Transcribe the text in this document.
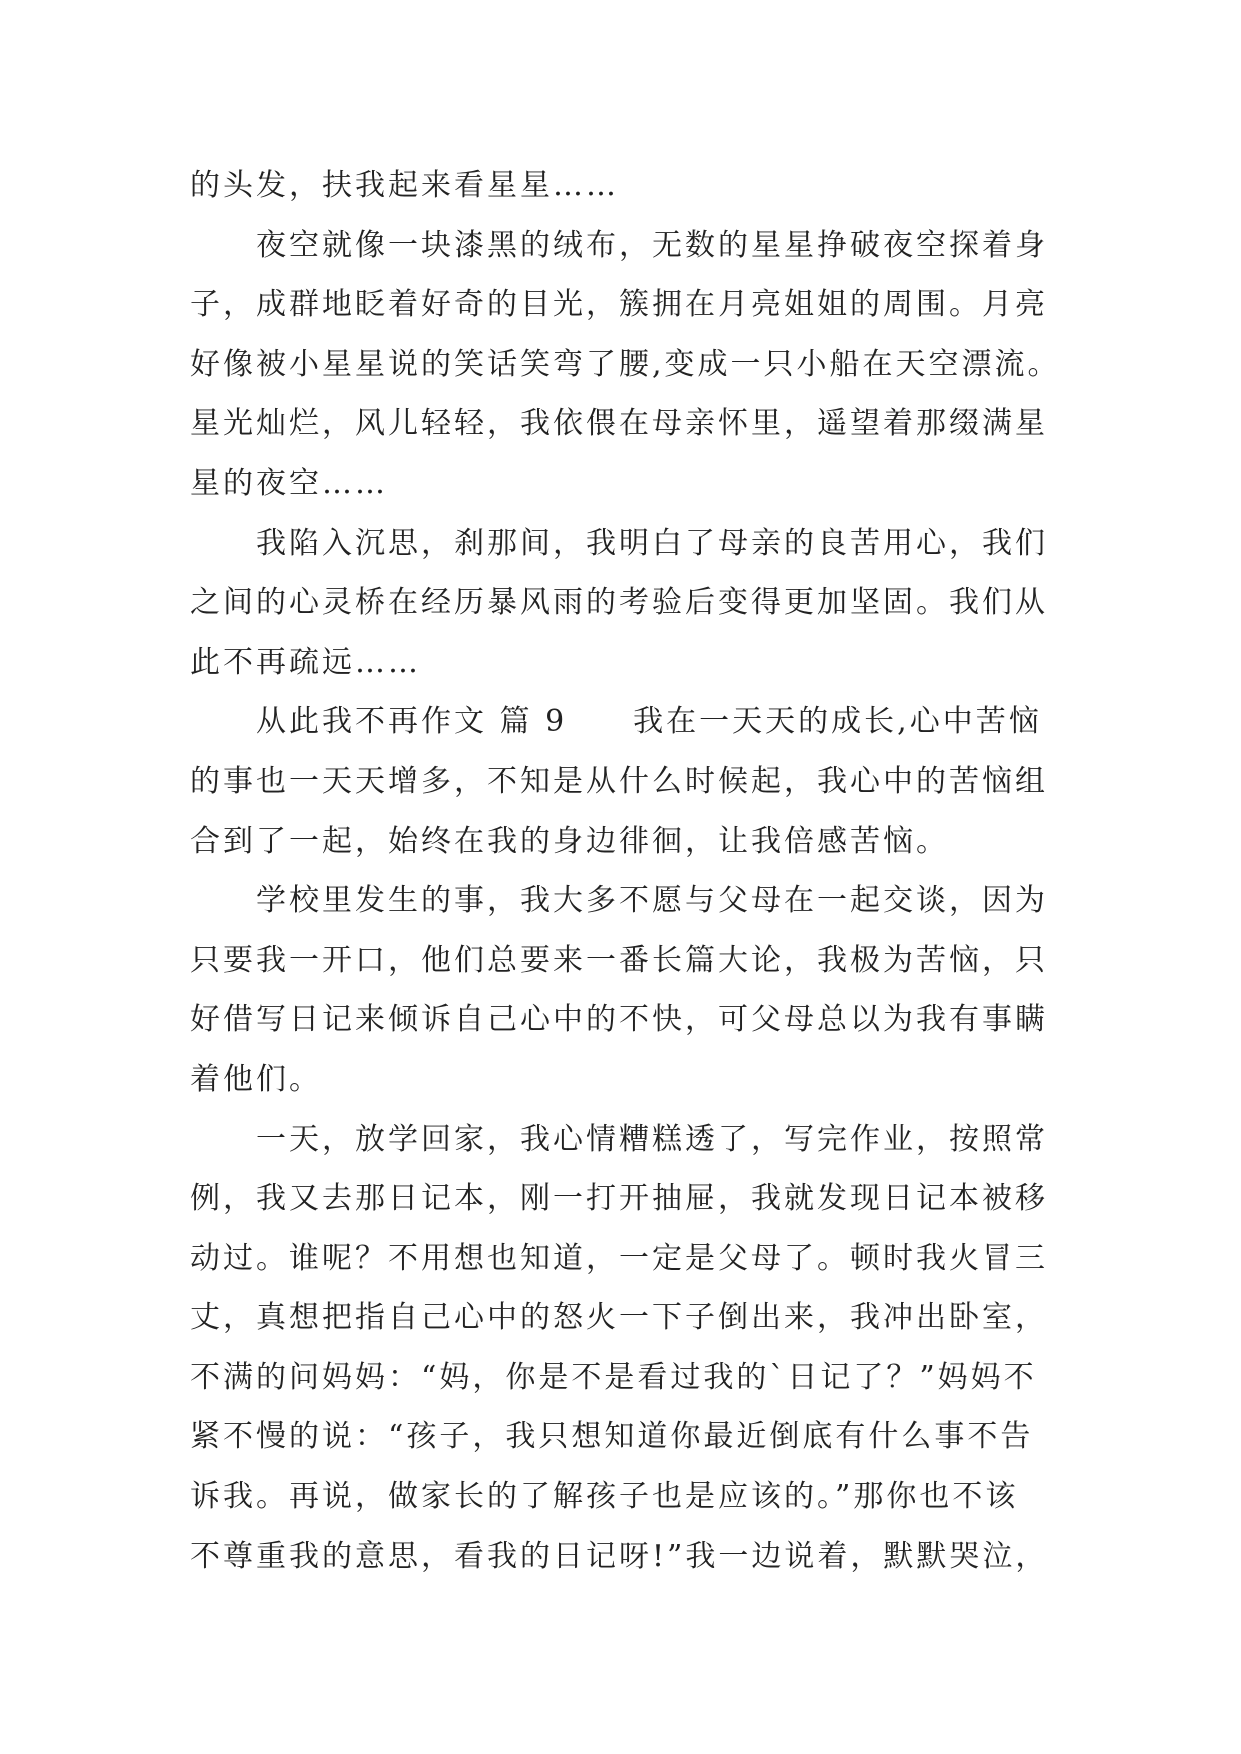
的头发，扶我起来看星星……
　　夜空就像一块漆黑的绒布，无数的星星挣破夜空探着身
子，成群地眨着好奇的目光，簇拥在月亮姐姐的周围。月亮
好像被小星星说的笑话笑弯了腰,变成一只小船在天空漂流。
星光灿烂，风儿轻轻，我依偎在母亲怀里，遥望着那缀满星
星的夜空……
　　我陷入沉思，刹那间，我明白了母亲的良苦用心，我们
之间的心灵桥在经历暴风雨的考验后变得更加坚固。我们从
此不再疏远……
　　从此我不再作文 篇 9　　我在一天天的成长,心中苦恼
的事也一天天增多，不知是从什么时候起，我心中的苦恼组
合到了一起，始终在我的身边徘徊，让我倍感苦恼。
　　学校里发生的事，我大多不愿与父母在一起交谈，因为
只要我一开口，他们总要来一番长篇大论，我极为苦恼，只
好借写日记来倾诉自己心中的不快，可父母总以为我有事瞒
着他们。
　　一天，放学回家，我心情糟糕透了，写完作业，按照常
例，我又去那日记本，刚一打开抽屉，我就发现日记本被移
动过。谁呢？不用想也知道，一定是父母了。顿时我火冒三
丈，真想把指自己心中的怒火一下子倒出来，我冲出卧室，
不满的问妈妈：“妈，你是不是看过我的`日记了？”妈妈不
紧不慢的说：“孩子，我只想知道你最近倒底有什么事不告
诉我。再说，做家长的了解孩子也是应该的。”那你也不该
不尊重我的意思，看我的日记呀!”我一边说着，默默哭泣，
